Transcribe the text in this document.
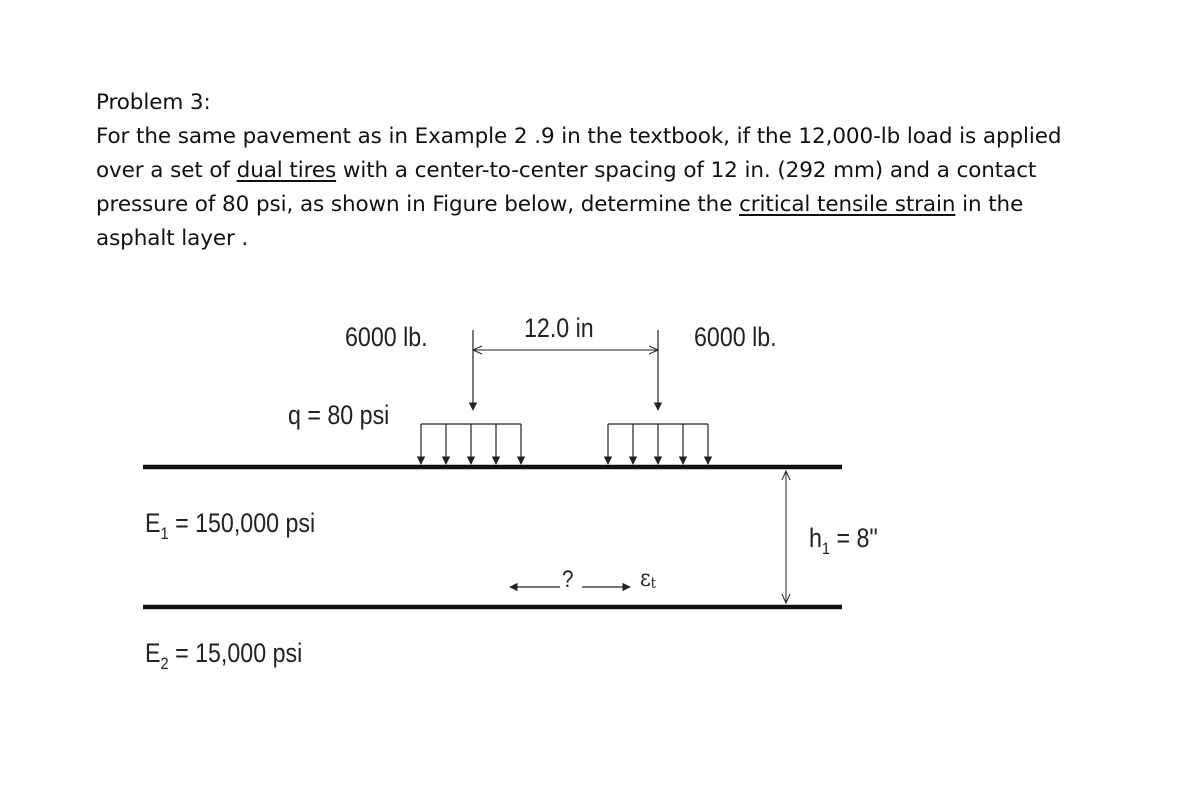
Problem 3:
For the same pavement as in Example 2 .9 in the textbook, if the 12,000-lb load is applied
over a set of dual tires with a center-to-center spacing of 12 in. (292 mm) and a contact
pressure of 80 psi, as shown in Figure below, determine the critical tensile strain in the
asphalt layer .
6000 lb.	12.0 in	6000 lb.
q = 80 psi
$E_1 = 150,000$ psi
$E_2 = 15,000$ psi
$h_1 = 8$"
?	$\varepsilon_t$
